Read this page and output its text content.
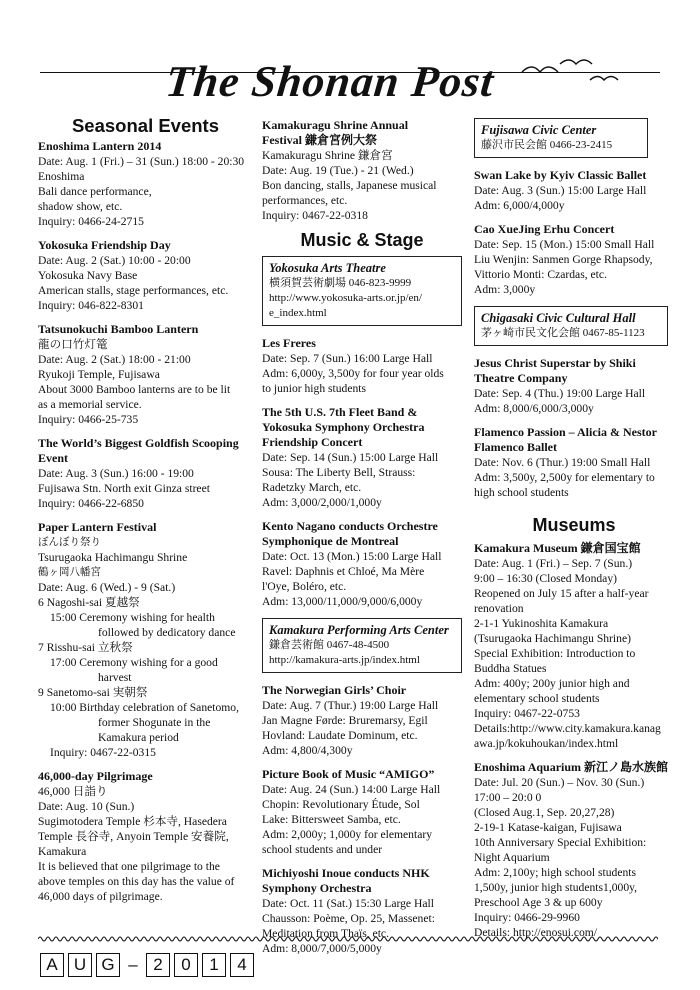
The Shonan Post
Seasonal Events
Enoshima Lantern 2014
Date: Aug. 1 (Fri.) – 31 (Sun.) 18:00 - 20:30
Enoshima
Bali dance performance,
shadow show, etc.
Inquiry: 0466-24-2715
Yokosuka Friendship Day
Date: Aug. 2 (Sat.) 10:00 - 20:00
Yokosuka Navy Base
American stalls, stage performances, etc.
Inquiry: 046-822-8301
Tatsunokuchi Bamboo Lantern
龍の口竹灯篭
Date: Aug. 2 (Sat.) 18:00 - 21:00
Ryukoji Temple, Fujisawa
About 3000 Bamboo lanterns are to be lit
as a memorial service.
Inquiry: 0466-25-735
The World’s Biggest Goldfish Scooping Event
Date: Aug. 3 (Sun.) 16:00 - 19:00
Fujisawa Stn. North exit Ginza street
Inquiry: 0466-22-6850
Paper Lantern Festival
ぼんぼり祭り
Tsurugaoka Hachimangu Shrine
鶴ヶ岡八幡宮
Date: Aug. 6 (Wed.) - 9 (Sat.)
6 Nagoshi-sai 夏越祭
15:00 Ceremony wishing for health
followed by dedicatory dance
7 Risshu-sai 立秋祭
17:00 Ceremony wishing for a good
harvest
9 Sanetomo-sai 実朝祭
10:00 Birthday celebration of Sanetomo,
former Shogunate in the
Kamakura period
Inquiry: 0467-22-0315
46,000-day Pilgrimage
46,000 日詣り
Date: Aug. 10 (Sun.)
Sugimotodera Temple 杉本寺, Hasedera
Temple 長谷寺, Anyoin Temple 安養院,
Kamakura
It is believed that one pilgrimage to the
above temples on this day has the value of
46,000 days of pilgrimage.
Kamakuragu Shrine Annual
Festival 鎌倉宮例大祭
Kamakuragu Shrine 鎌倉宮
Date: Aug. 19 (Tue.) - 21 (Wed.)
Bon dancing, stalls, Japanese musical
performances, etc.
Inquiry: 0467-22-0318
Music & Stage
Yokosuka Arts Theatre
横須賀芸術劇場 046-823-9999
http://www.yokosuka-arts.or.jp/en/
e_index.html
Les Freres
Date: Sep. 7 (Sun.) 16:00 Large Hall
Adm: 6,000y, 3,500y for four year olds
to junior high students
The 5th U.S. 7th Fleet Band & Yokosuka Symphony Orchestra Friendship Concert
Date: Sep. 14 (Sun.) 15:00 Large Hall
Sousa: The Liberty Bell, Strauss:
Radetzky March, etc.
Adm: 3,000/2,000/1,000y
Kento Nagano conducts Orchestre Symphonique de Montreal
Date: Oct. 13 (Mon.) 15:00 Large Hall
Ravel: Daphnis et Chloé, Ma Mère
l'Oye, Boléro, etc.
Adm: 13,000/11,000/9,000/6,000y
Kamakura Performing Arts Center
鎌倉芸術館 0467-48-4500
http://kamakura-arts.jp/index.html
The Norwegian Girls’ Choir
Date: Aug. 7 (Thur.) 19:00 Large Hall
Jan Magne Førde: Bruremarsy, Egil
Hovland: Laudate Dominum, etc.
Adm: 4,800/4,300y
Picture Book of Music “AMIGO”
Date: Aug. 24 (Sun.) 14:00 Large Hall
Chopin: Revolutionary Étude, Sol
Lake: Bittersweet Samba, etc.
Adm: 2,000y; 1,000y for elementary
school students and under
Michiyoshi Inoue conducts NHK Symphony Orchestra
Date: Oct. 11 (Sat.) 15:30 Large Hall
Chausson: Poème, Op. 25, Massenet:
Meditation from Thaïs, etc.
Adm: 8,000/7,000/5,000y
Fujisawa Civic Center
藤沢市民会館 0466-23-2415
Swan Lake by Kyiv Classic Ballet
Date: Aug. 3 (Sun.) 15:00 Large Hall
Adm: 6,000/4,000y
Cao XueJing Erhu Concert
Date: Sep. 15 (Mon.) 15:00 Small Hall
Liu Wenjin: Sanmen Gorge Rhapsody,
Vittorio Monti: Czardas, etc.
Adm: 3,000y
Chigasaki Civic Cultural Hall
茅ヶ崎市民文化会館 0467-85-1123
Jesus Christ Superstar by Shiki Theatre Company
Date: Sep. 4 (Thu.) 19:00 Large Hall
Adm: 8,000/6,000/3,000y
Flamenco Passion – Alicia & Nestor Flamenco Ballet
Date: Nov. 6 (Thur.) 19:00 Small Hall
Adm: 3,500y, 2,500y for elementary to
high school students
Museums
Kamakura Museum 鎌倉国宝館
Date: Aug. 1 (Fri.) – Sep. 7 (Sun.)
9:00 – 16:30 (Closed Monday)
Reopened on July 15 after a half-year
renovation
2-1-1 Yukinoshita Kamakura
(Tsurugaoka Hachimangu Shrine)
Special Exhibition: Introduction to
Buddha Statues
Adm: 400y; 200y junior high and
elementary school students
Inquiry: 0467-22-0753
Details:http://www.city.kamakura.kanag
awa.jp/kokuhoukan/index.html
Enoshima Aquarium 新江ノ島水族館
Date: Jul. 20 (Sun.) – Nov. 30 (Sun.)
17:00 – 20:0 0
(Closed Aug.1, Sep. 20,27,28)
2-19-1 Katase-kaigan, Fujisawa
10th Anniversary Special Exhibition:
Night Aquarium
Adm: 2,100y; high school students
1,500y, junior high students1,000y,
Preschool Age 3 & up 600y
Inquiry: 0466-29-9960
Details: http://enosui.com/
A U G – 2	0	1	4
